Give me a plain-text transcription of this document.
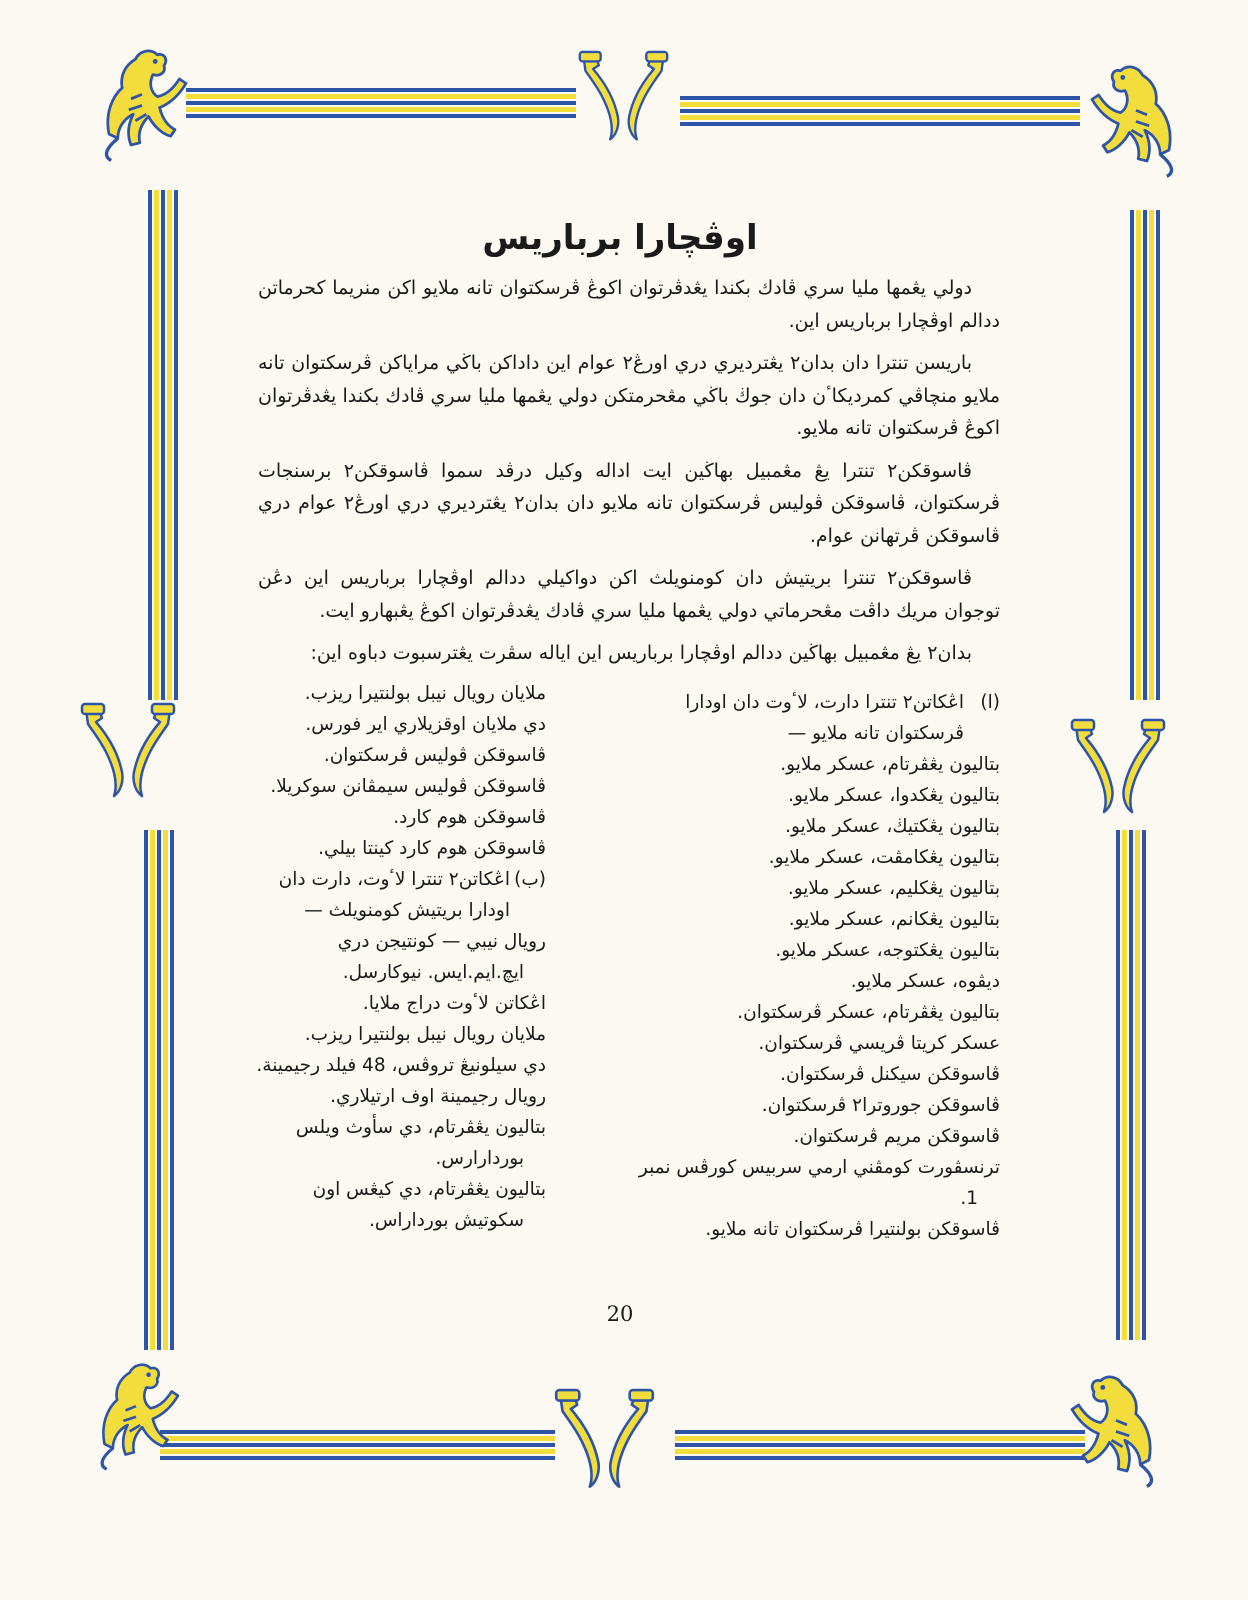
اوڤچارا برباريس

دولي يڠمها مليا سري ڤادك بكندا يڠدڤرتوان اکوڠ ڤرسکتوان تانه ملايو اکن منريما کحرماتن ددالم اوڤچارا برباريس اين.

باريسن تنترا دان بدان٢ يڠترديري دري اورڠ٢ عوام اين داداکن باڬي مراياکن ڤرسکتوان تانه ملايو منچاڤي کمرديکاٴن دان جوڬ باڬي مڠحرمتکن دولي يڠمها مليا سري ڤادك بكندا يڠدڤرتوان اکوڠ ڤرسکتوان تانه ملايو.

ڤاسوقکن٢ تنترا يڠ مڠمبيل بهاڬين ايت اداله وکيل درڤد سموا ڤاسوقکن٢ برسنجات ڤرسکتوان، ڤاسوقکن ڤوليس ڤرسکتوان تانه ملايو دان بدان٢ يڠترديري دري اورڠ٢ عوام دري ڤاسوقکن ڤرتهانن عوام.

ڤاسوقکن٢ تنترا بريتيش دان کومنويلث اکن دواکيلي ددالم اوڤچارا برباريس اين دڠن توجوان مريك داڤت مڠحرماتي دولي يڠمها مليا سري ڤادك يڠدڤرتوان اکوڠ يڠبهارو ايت.

بدان٢ يڠ مڠمبيل بهاڬين ددالم اوڤچارا برباريس اين اياله سڤرت يڠترسبوت دباوه اين:

(ا)اڠکاتن٢ تنترا دارت، لاٴوت دان اودارا ڤرسکتوان تانه ملايو —

بتاليون يڠڤرتام، عسکر ملايو.

بتاليون يڠکدوا، عسکر ملايو.

بتاليون يڠکتيڬ، عسکر ملايو.

بتاليون يڠکامڤت، عسکر ملايو.

بتاليون يڠکليم، عسکر ملايو.

بتاليون يڠکانم، عسکر ملايو.

بتاليون يڠکتوجه، عسکر ملايو.

ديڤوه، عسکر ملايو.

بتاليون يڠڤرتام، عسکر ڤرسکتوان.

عسکر کريتا ڤريسي ڤرسکتوان.

ڤاسوقکن سيکنل ڤرسکتوان.

ڤاسوقکن جوروترا٢ ڤرسکتوان.

ڤاسوقکن مريم ڤرسکتوان.

ترنسڤورت کومڤني ارمي سربيس کورڤس نمبر 1.

ڤاسوقکن بولنتيرا ڤرسکتوان تانه ملايو.

ملايان رويال نيبل بولنتيرا ريزب.

دي ملايان اوقزيلاري اير فورس.

ڤاسوقکن ڤوليس ڤرسکتوان.

ڤاسوقکن ڤوليس سيمڤانن سوکريلا.

ڤاسوقکن هوم کارد.

ڤاسوقکن هوم کارد کينتا بيلي.

(ب)اڠکاتن٢ تنترا لاٴوت، دارت دان اودارا بريتيش کومنويلث —

رويال نيبي — کونتيجن دري ايچ.ايم.ايس. نيوکارسل.

اڠکاتن لاٴوت دراج ملايا.

ملايان رويال نيبل بولنتيرا ريزب.

دي سيلونيڠ تروڤس، 48 فيلد رجيمينة.

رويال رجيمينة اوف ارتيلاري.

بتاليون يڠڤرتام، دي سأوث ويلس بوردارارس.

بتاليون يڠڤرتام، دي کيڠس اون سکوتيش بورداراس.

20
